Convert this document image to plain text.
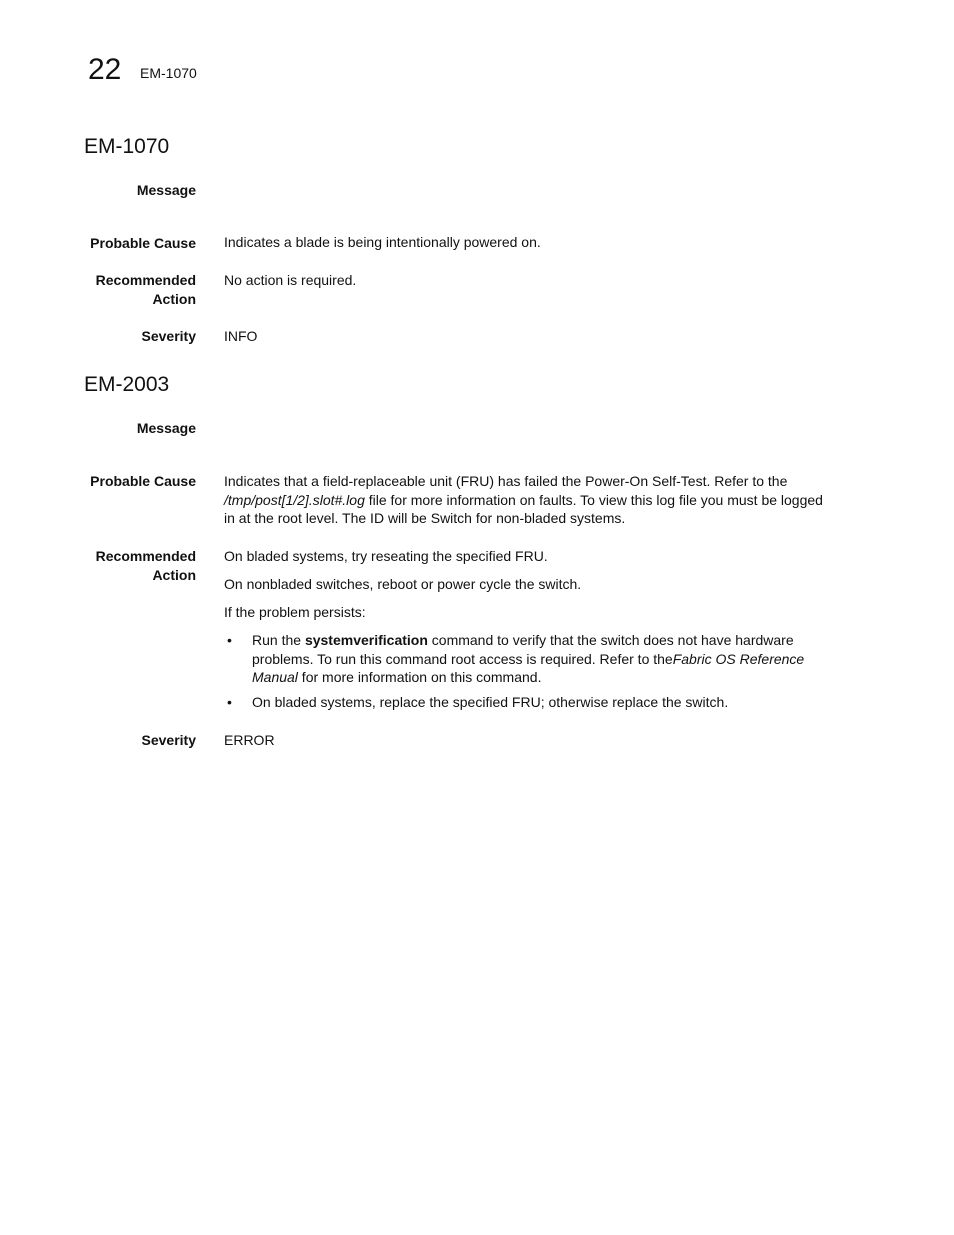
22 EM-1070
EM-1070
Message
Probable Cause Indicates a blade is being intentionally powered on.
Recommended
Action
No action is required.
Severity INFO
EM-2003
Message
Probable Cause Indicates that a field-replaceable unit (FRU) has failed the Power-On Self-Test. Refer to the
/tmp/post[1/2].slot#.log file for more information on faults. To view this log file you must be logged
in at the root level. The ID will be Switch for non-bladed systems.
Recommended
Action
On bladed systems, try reseating the specified FRU.
On nonbladed switches, reboot or power cycle the switch.
If the problem persists:
• Run the systemverification command to verify that the switch does not have hardware
problems. To run this command root access is required. Refer to theFabric OS Reference
Manual for more information on this command.
• On bladed systems, replace the specified FRU; otherwise replace the switch.
Severity ERROR
